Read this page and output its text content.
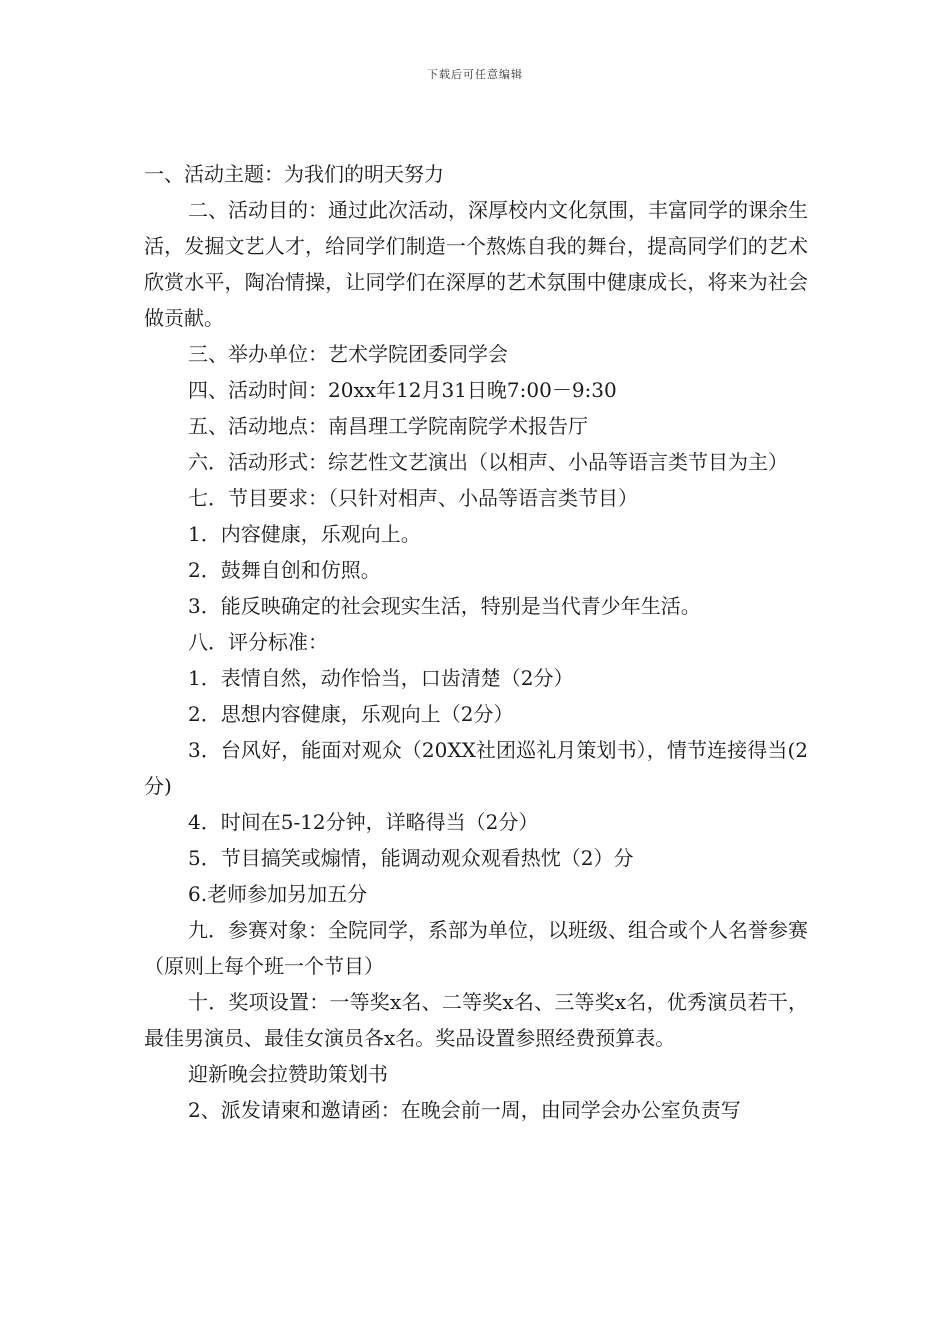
下载后可任意编辑

一、活动主题：为我们的明天努力

二、活动目的：通过此次活动，深厚校内文化氛围，丰富同学的课余生活，发掘文艺人才，给同学们制造一个熬炼自我的舞台，提高同学们的艺术欣赏水平，陶冶情操，让同学们在深厚的艺术氛围中健康成长，将来为社会做贡献。

三、举办单位：艺术学院团委同学会

四、活动时间：20xx年12月31日晚7:00－9:30

五、活动地点：南昌理工学院南院学术报告厅

六．活动形式：综艺性文艺演出（以相声、小品等语言类节目为主）

七．节目要求：（只针对相声、小品等语言类节目）

1．内容健康，乐观向上。

2．鼓舞自创和仿照。

3．能反映确定的社会现实生活，特别是当代青少年生活。

八．评分标准：

1．表情自然，动作恰当，口齿清楚（2分）

2．思想内容健康，乐观向上（2分）

3．台风好，能面对观众（20XX社团巡礼月策划书），情节连接得当(2分)

4．时间在5-12分钟，详略得当（2分）

5．节目搞笑或煽情，能调动观众观看热忱（2）分

6.老师参加另加五分

九．参赛对象：全院同学，系部为单位，以班级、组合或个人名誉参赛（原则上每个班一个节目）

十．奖项设置：一等奖x名、二等奖x名、三等奖x名，优秀演员若干，最佳男演员、最佳女演员各x名。奖品设置参照经费预算表。

迎新晚会拉赞助策划书

2、派发请柬和邀请函：在晚会前一周，由同学会办公室负责写
